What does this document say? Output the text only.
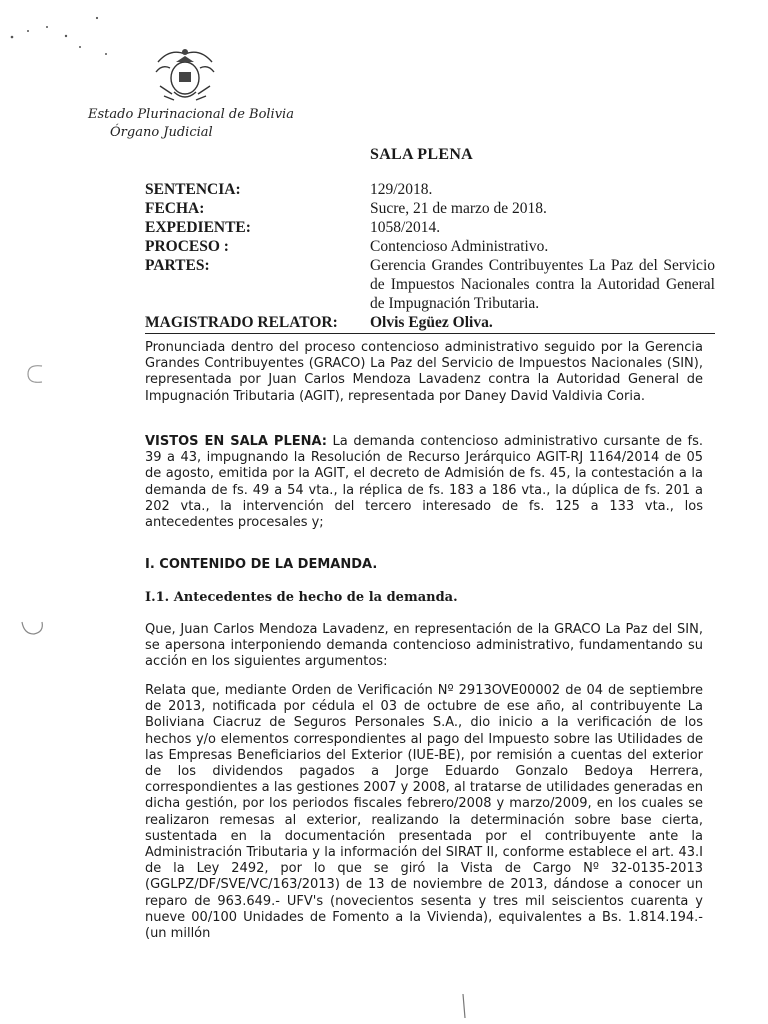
Estado Plurinacional de Bolivia
Órgano Judicial
SALA PLENA
SENTENCIA:	129/2018.
FECHA:	Sucre, 21 de marzo de 2018.
EXPEDIENTE:	1058/2014.
PROCESO :	Contencioso Administrativo.
PARTES:	Gerencia Grandes Contribuyentes La Paz del Servicio de Impuestos Nacionales contra la Autoridad General de Impugnación Tributaria.
MAGISTRADO RELATOR:	Olvis Egüez Oliva.
Pronunciada dentro del proceso contencioso administrativo seguido por la Gerencia Grandes Contribuyentes (GRACO) La Paz del Servicio de Impuestos Nacionales (SIN), representada por Juan Carlos Mendoza Lavadenz contra la Autoridad General de Impugnación Tributaria (AGIT), representada por Daney David Valdivia Coria.
VISTOS EN SALA PLENA: La demanda contencioso administrativo cursante de fs. 39 a 43, impugnando la Resolución de Recurso Jerárquico AGIT-RJ 1164/2014 de 05 de agosto, emitida por la AGIT, el decreto de Admisión de fs. 45, la contestación a la demanda de fs. 49 a 54 vta., la réplica de fs. 183 a 186 vta., la dúplica de fs. 201 a 202 vta., la intervención del tercero interesado de fs. 125 a 133 vta., los antecedentes procesales y;
I. CONTENIDO DE LA DEMANDA.
I.1. Antecedentes de hecho de la demanda.
Que, Juan Carlos Mendoza Lavadenz, en representación de la GRACO La Paz del SIN, se apersona interponiendo demanda contencioso administrativo, fundamentando su acción en los siguientes argumentos:
Relata que, mediante Orden de Verificación Nº 2913OVE00002 de 04 de septiembre de 2013, notificada por cédula el 03 de octubre de ese año, al contribuyente La Boliviana Ciacruz de Seguros Personales S.A., dio inicio a la verificación de los hechos y/o elementos correspondientes al pago del Impuesto sobre las Utilidades de las Empresas Beneficiarios del Exterior (IUE-BE), por remisión a cuentas del exterior de los dividendos pagados a Jorge Eduardo Gonzalo Bedoya Herrera, correspondientes a las gestiones 2007 y 2008, al tratarse de utilidades generadas en dicha gestión, por los periodos fiscales febrero/2008 y marzo/2009, en los cuales se realizaron remesas al exterior, realizando la determinación sobre base cierta, sustentada en la documentación presentada por el contribuyente ante la Administración Tributaria y la información del SIRAT II, conforme establece el art. 43.I de la Ley 2492, por lo que se giró la Vista de Cargo Nº 32-0135-2013 (GGLPZ/DF/SVE/VC/163/2013) de 13 de noviembre de 2013, dándose a conocer un reparo de 963.649.- UFV's (novecientos sesenta y tres mil seiscientos cuarenta y nueve 00/100 Unidades de Fomento a la Vivienda), equivalentes a Bs. 1.814.194.- (un millón
